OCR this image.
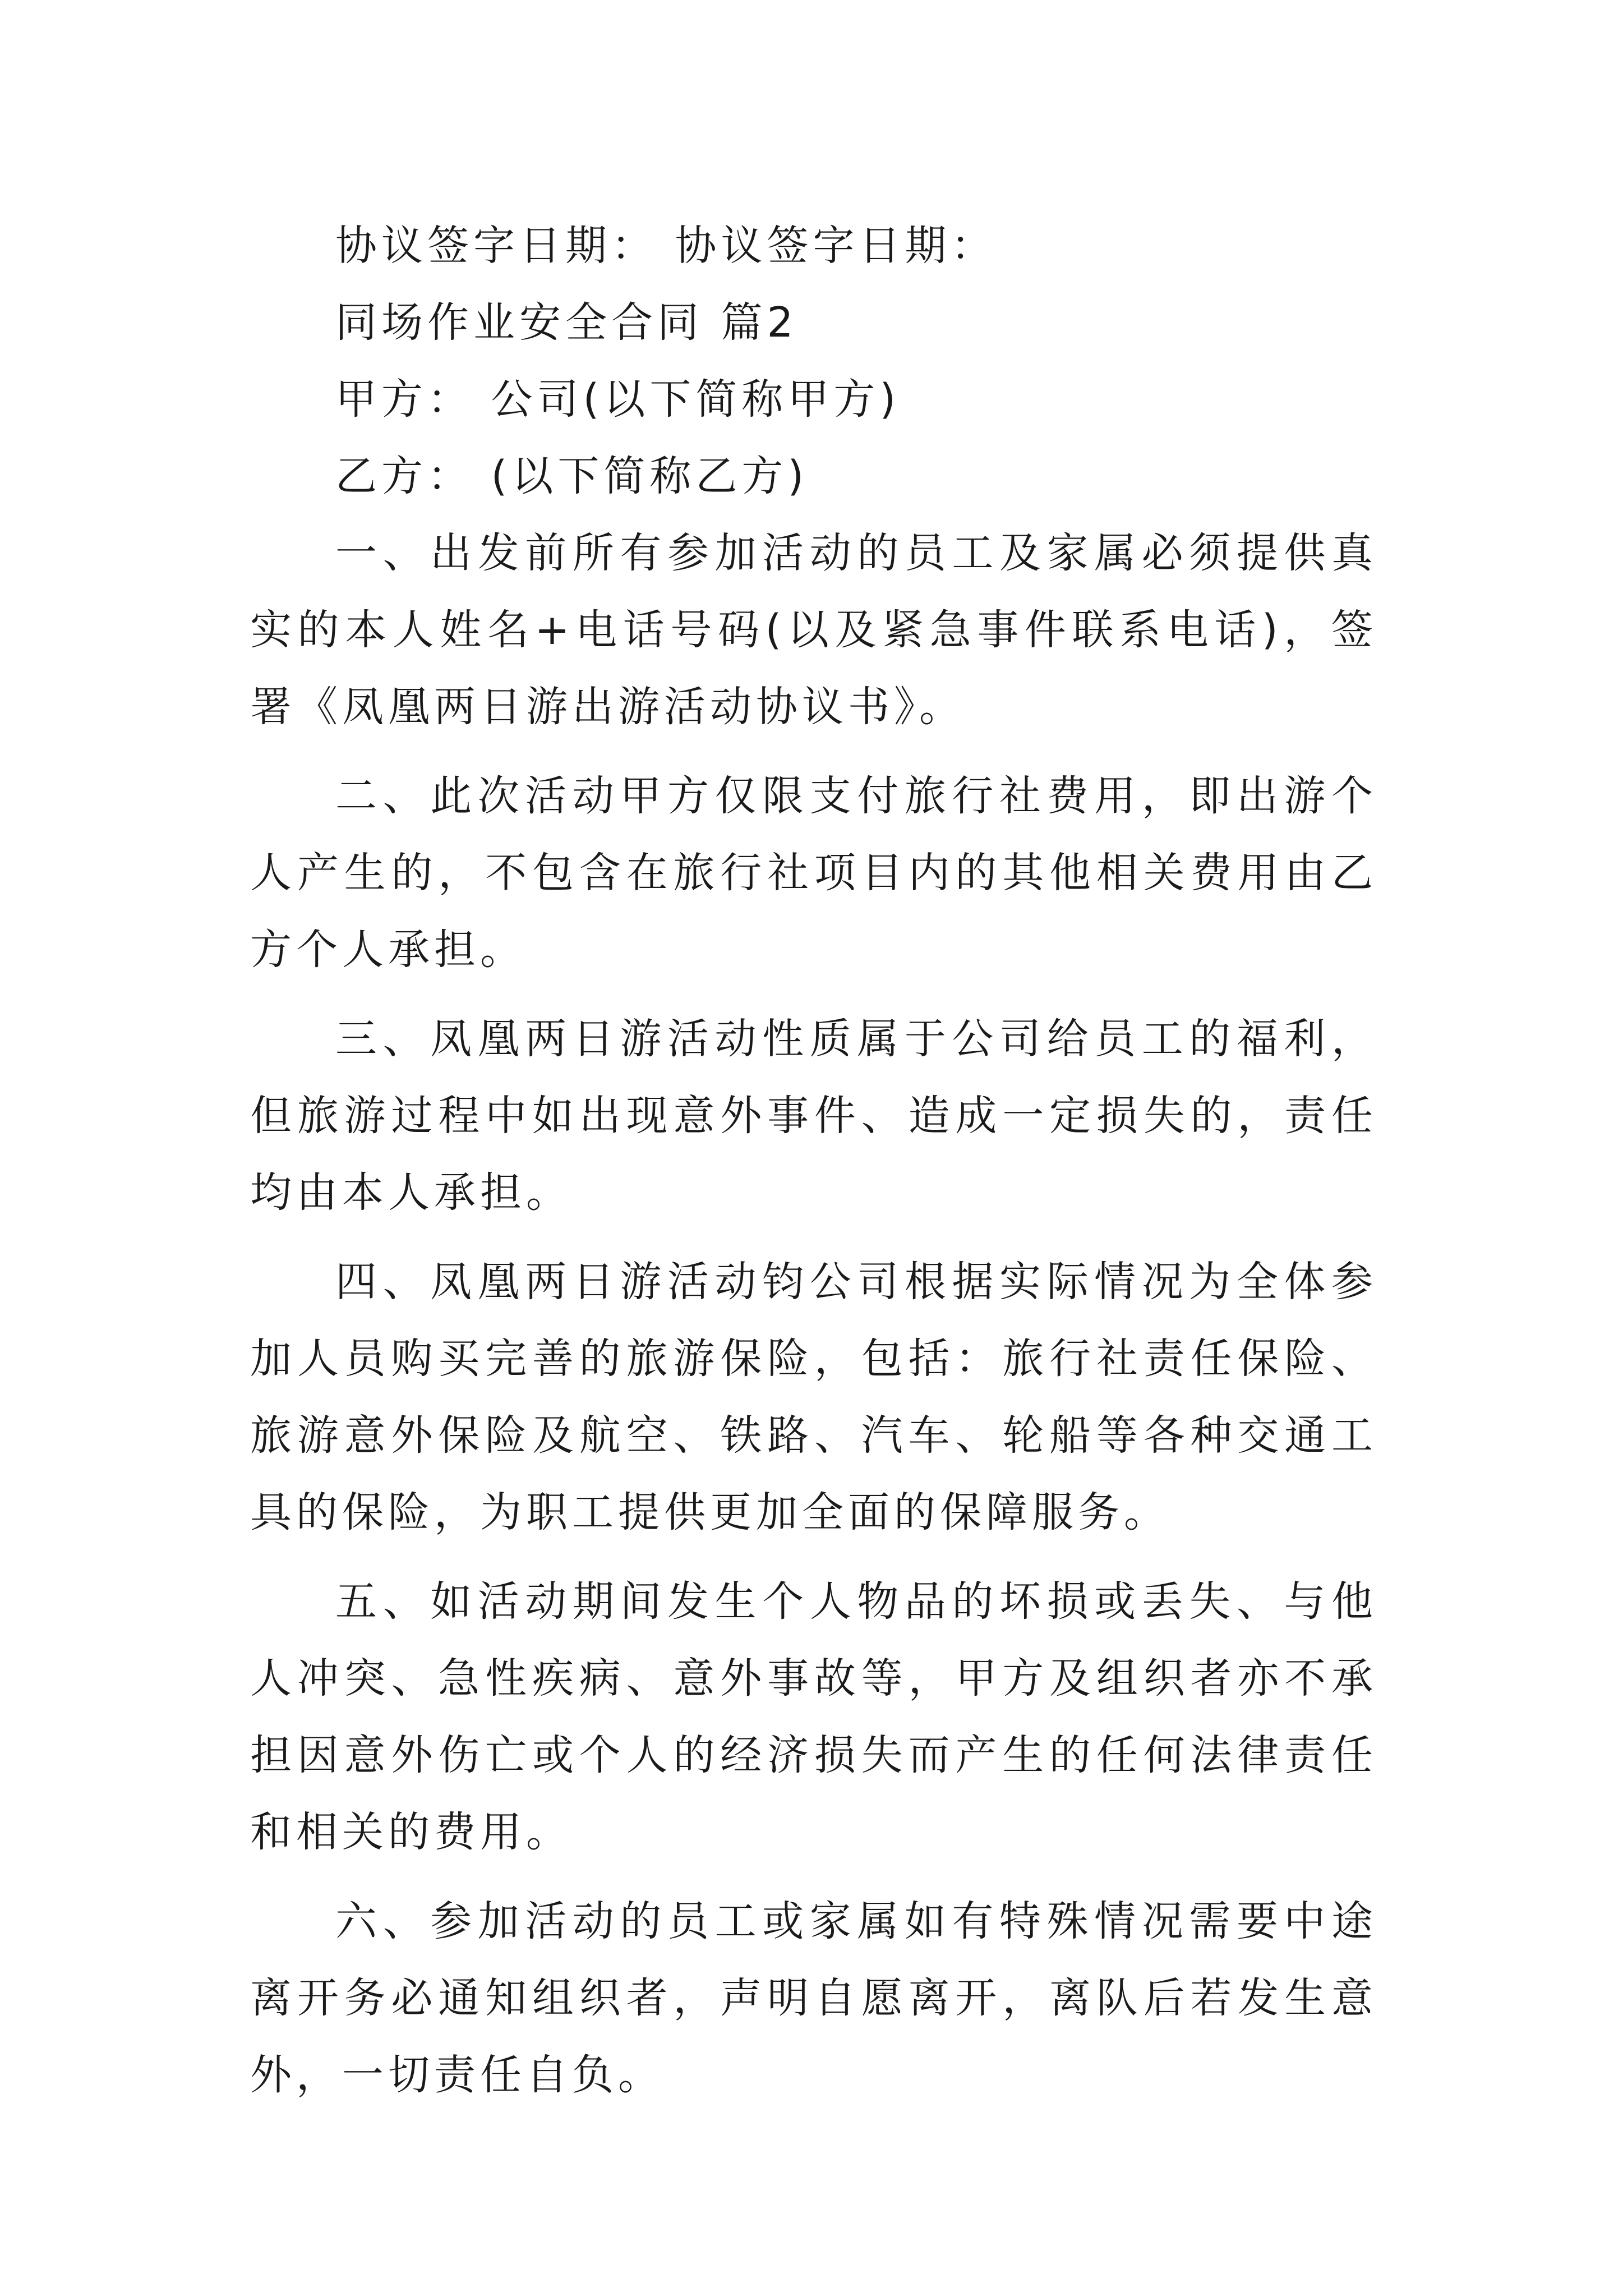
协议签字日期： 协议签字日期：

同场作业安全合同 篇2

甲方： 公司(以下简称甲方)

乙方： (以下简称乙方)

一、出发前所有参加活动的员工及家属必须提供真实的本人姓名+电话号码(以及紧急事件联系电话)，签署《凤凰两日游出游活动协议书》。

二、此次活动甲方仅限支付旅行社费用，即出游个人产生的，不包含在旅行社项目内的其他相关费用由乙方个人承担。

三、凤凰两日游活动性质属于公司给员工的福利，但旅游过程中如出现意外事件、造成一定损失的，责任均由本人承担。

四、凤凰两日游活动钧公司根据实际情况为全体参加人员购买完善的旅游保险，包括：旅行社责任保险、旅游意外保险及航空、铁路、汽车、轮船等各种交通工具的保险，为职工提供更加全面的保障服务。

五、如活动期间发生个人物品的坏损或丢失、与他人冲突、急性疾病、意外事故等，甲方及组织者亦不承担因意外伤亡或个人的经济损失而产生的任何法律责任和相关的费用。

六、参加活动的员工或家属如有特殊情况需要中途离开务必通知组织者，声明自愿离开，离队后若发生意外，一切责任自负。
